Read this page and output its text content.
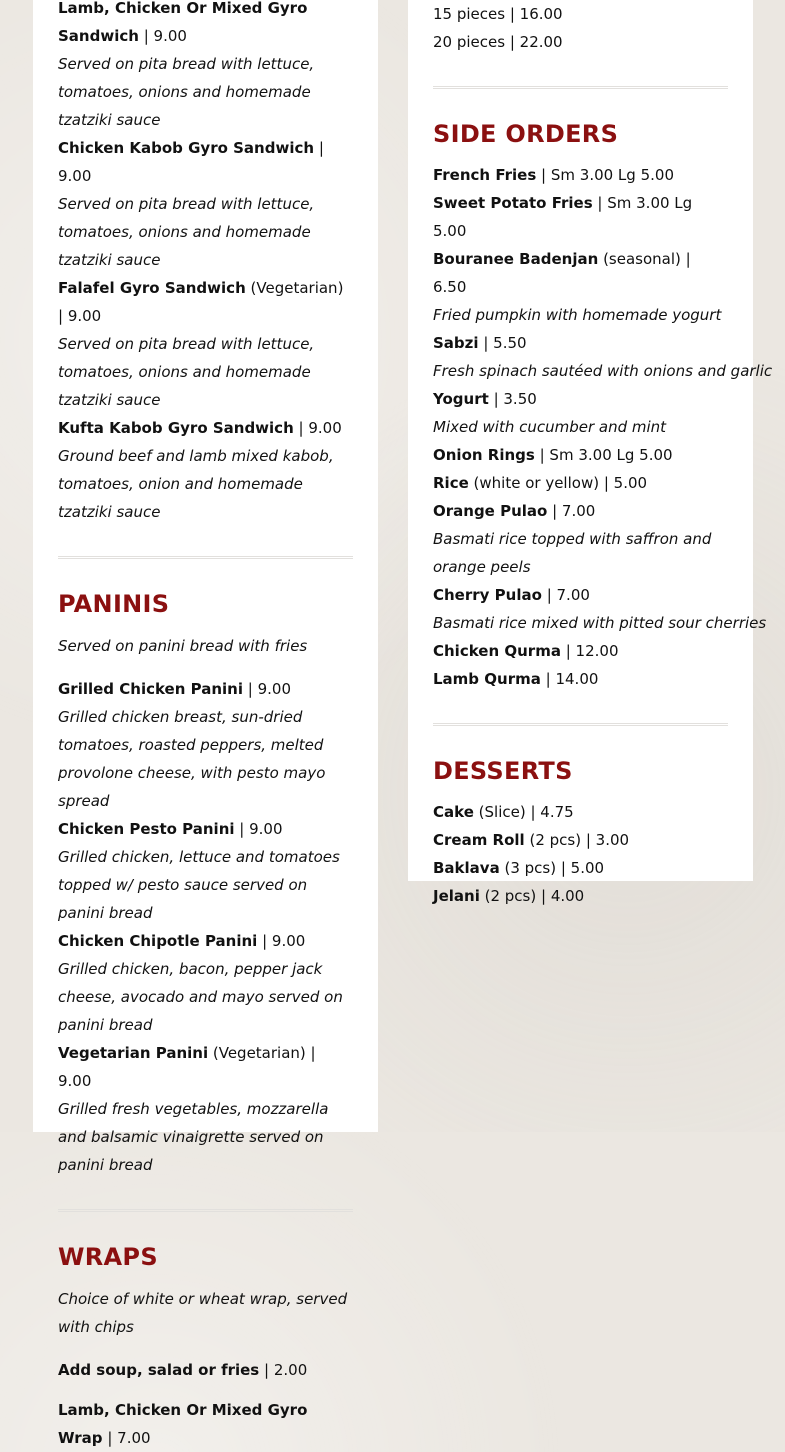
Lamb, Chicken Or Mixed Gyro Sandwich | 9.00

Served on pita bread with lettuce, tomatoes, onions and homemade tzatziki sauce

Chicken Kabob Gyro Sandwich | 9.00

Served on pita bread with lettuce, tomatoes, onions and homemade tzatziki sauce

Falafel Gyro Sandwich (Vegetarian) | 9.00

Served on pita bread with lettuce, tomatoes, onions and homemade tzatziki sauce

Kufta Kabob Gyro Sandwich | 9.00

Ground beef and lamb mixed kabob, tomatoes, onion and homemade tzatziki sauce

PANINIS

Served on panini bread with fries

Grilled Chicken Panini | 9.00

Grilled chicken breast, sun-dried tomatoes, roasted peppers, melted provolone cheese, with pesto mayo spread

Chicken Pesto Panini | 9.00

Grilled chicken, lettuce and tomatoes topped w/ pesto sauce served on panini bread

Chicken Chipotle Panini | 9.00

Grilled chicken, bacon, pepper jack cheese, avocado and mayo served on panini bread

Vegetarian Panini (Vegetarian) | 9.00

Grilled fresh vegetables, mozzarella and balsamic vinaigrette served on panini bread

WRAPS

Choice of white or wheat wrap, served with chips

Add soup, salad or fries | 2.00

Lamb, Chicken Or Mixed Gyro Wrap | 7.00

15 pieces | 16.00

20 pieces | 22.00

SIDE ORDERS

French Fries | Sm 3.00 Lg 5.00

Sweet Potato Fries | Sm 3.00 Lg 5.00

Bouranee Badenjan (seasonal) | 6.50

Fried pumpkin with homemade yogurt

Sabzi | 5.50

Fresh spinach sautéed with onions and garlic

Yogurt | 3.50

Mixed with cucumber and mint

Onion Rings | Sm 3.00 Lg 5.00

Rice (white or yellow) | 5.00

Orange Pulao | 7.00

Basmati rice topped with saffron and orange peels

Cherry Pulao | 7.00

Basmati rice mixed with pitted sour cherries

Chicken Qurma | 12.00

Lamb Qurma | 14.00

DESSERTS

Cake (Slice) | 4.75

Cream Roll (2 pcs) | 3.00

Baklava (3 pcs) | 5.00

Jelani (2 pcs) | 4.00
